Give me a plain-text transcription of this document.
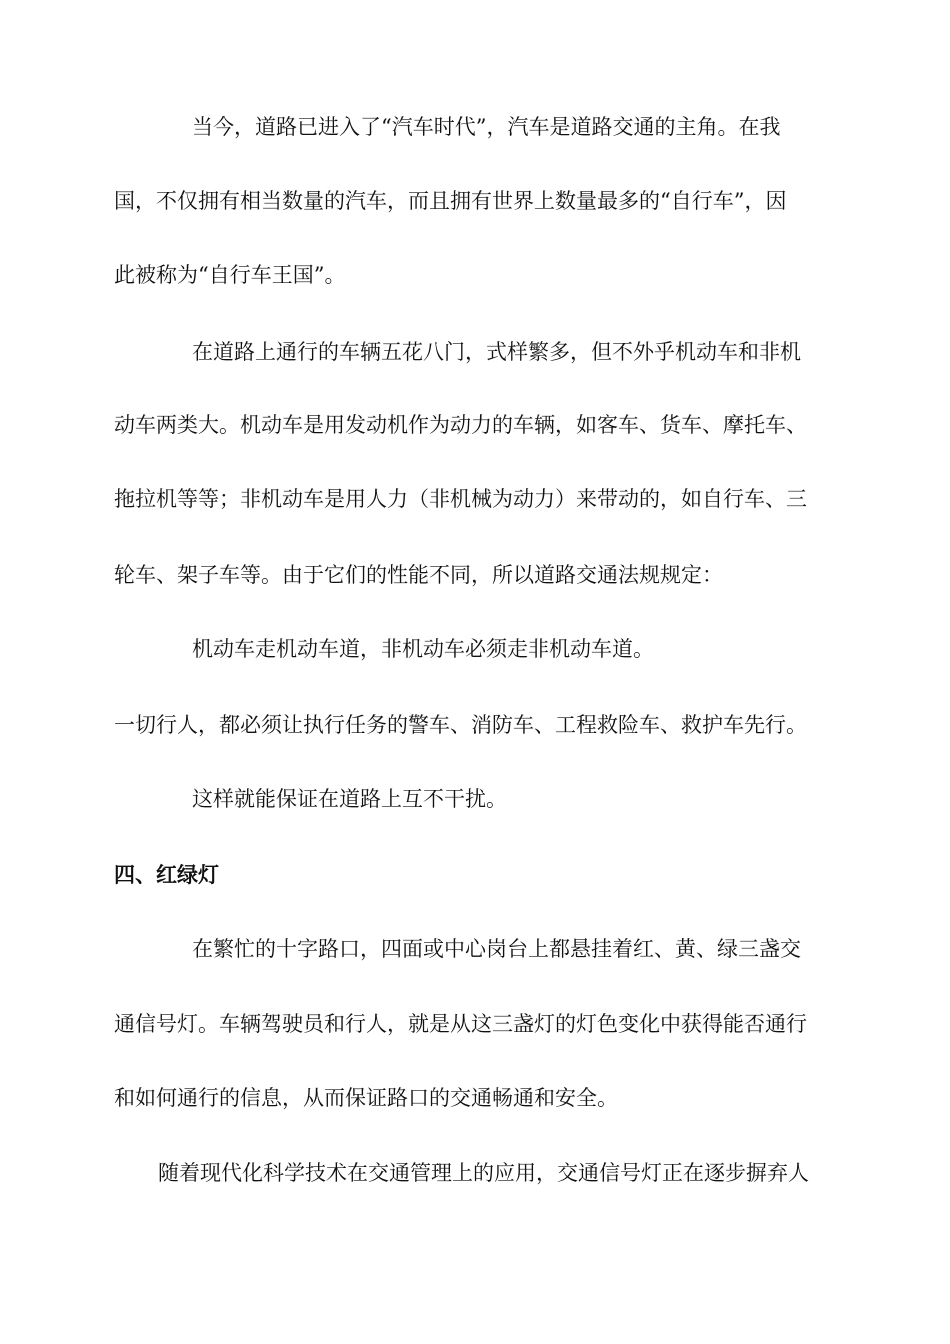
当今，道路已进入了“汽车时代”，汽车是道路交通的主角。在我
国，不仅拥有相当数量的汽车，而且拥有世界上数量最多的“自行车”，因
此被称为“自行车王国”。
在道路上通行的车辆五花八门，式样繁多，但不外乎机动车和非机
动车两类大。机动车是用发动机作为动力的车辆，如客车、货车、摩托车、
拖拉机等等；非机动车是用人力（非机械为动力）来带动的，如自行车、三
轮车、架子车等。由于它们的性能不同，所以道路交通法规规定：
机动车走机动车道，非机动车必须走非机动车道。
一切行人，都必须让执行任务的警车、消防车、工程救险车、救护车先行。
这样就能保证在道路上互不干扰。
四、红绿灯
在繁忙的十字路口，四面或中心岗台上都悬挂着红、黄、绿三盏交
通信号灯。车辆驾驶员和行人，就是从这三盏灯的灯色变化中获得能否通行
和如何通行的信息，从而保证路口的交通畅通和安全。
随着现代化科学技术在交通管理上的应用，交通信号灯正在逐步摒弃人
